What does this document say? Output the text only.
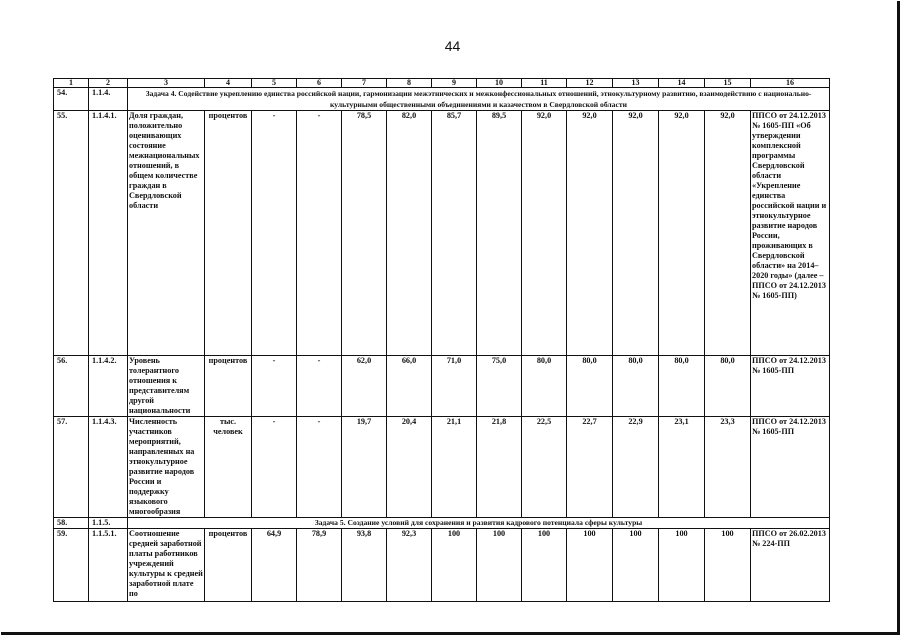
44
1	2	3	4	5	6	7	8	9	10	11	12	13	14	15	16
54.	1.1.4.	Задача 4. Содействие укреплению единства российской нации, гармонизации межэтнических и межконфессиональных отношений, этнокультурному развитию, взаимодействию с национально-культурными общественными объединениями и казачеством в Свердловской области													
55.	1.1.4.1.	Доля граждан, положительно оценивающих состояние межнациональных отношений, в общем количестве граждан в Свердловской области	процентов	-	-	78,5	82,0	85,7	89,5	92,0	92,0	92,0	92,0	92,0	ППСО от 24.12.2013 № 1605-ПП «Об утверждении комплексной программы Свердловской области «Укрепление единства российской нации и этнокультурное развитие народов России, проживающих в Свердловской области» на 2014–2020 годы» (далее – ППСО от 24.12.2013 № 1605-ПП)
56.	1.1.4.2.	Уровень толерантного отношения к представителям другой национальности	процентов	-	-	62,0	66,0	71,0	75,0	80,0	80,0	80,0	80,0	80,0	ППСО от 24.12.2013 № 1605-ПП
57.	1.1.4.3.	Численность участников мероприятий, направленных на этнокультурное развитие народов России и поддержку языкового многообразия	тыс. человек	-	-	19,7	20,4	21,1	21,8	22,5	22,7	22,9	23,1	23,3	ППСО от 24.12.2013 № 1605-ПП
58.	1.1.5.	Задача 5. Создание условий для сохранения и развития кадрового потенциала сферы культуры													
59.	1.1.5.1.	Соотношение средней заработной платы работников учреждений культуры к средней заработной плате по	процентов	64,9	78,9	93,8	92,3	100	100	100	100	100	100	100	ППСО от 26.02.2013 № 224-ПП
